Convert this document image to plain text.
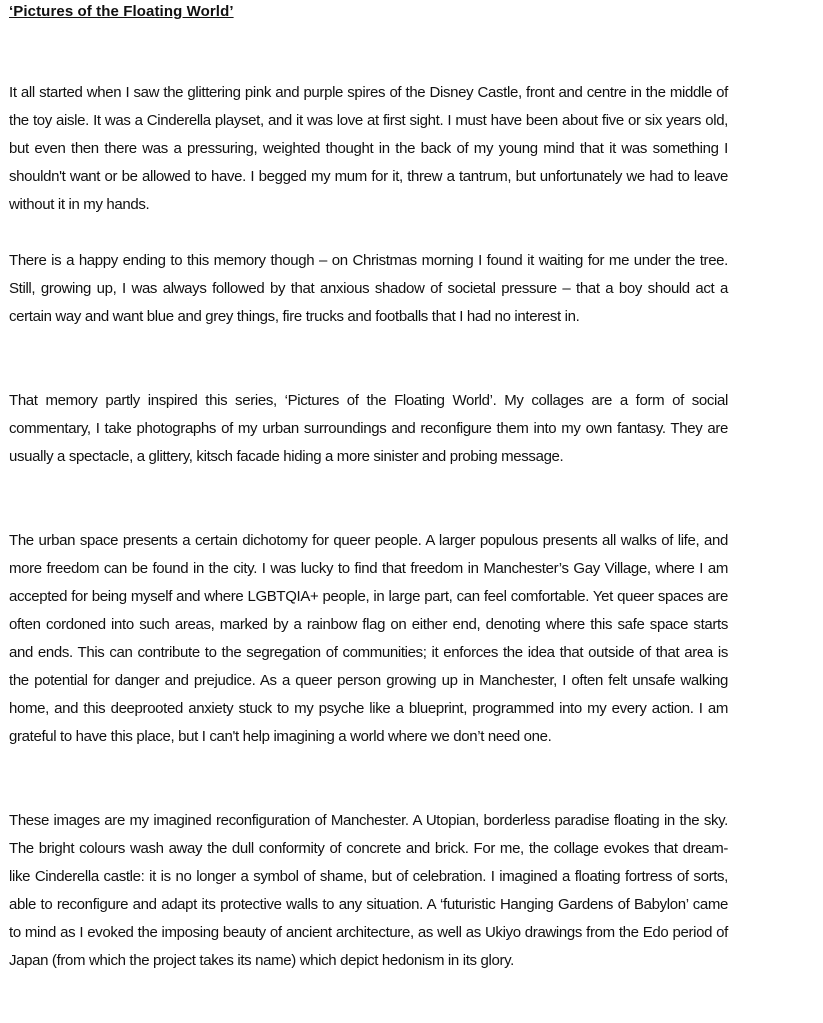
‘Pictures of the Floating World’

It all started when I saw the glittering pink and purple spires of the Disney Castle, front and centre in the middle of the toy aisle. It was a Cinderella playset, and it was love at first sight. I must have been about five or six years old, but even then there was a pressuring, weighted thought in the back of my young mind that it was something I shouldn't want or be allowed to have. I begged my mum for it, threw a tantrum, but unfortunately we had to leave without it in my hands.

There is a happy ending to this memory though – on Christmas morning I found it waiting for me under the tree. Still, growing up, I was always followed by that anxious shadow of societal pressure – that a boy should act a certain way and want blue and grey things, fire trucks and footballs that I had no interest in.

That memory partly inspired this series, ‘Pictures of the Floating World’. My collages are a form of social commentary, I take photographs of my urban surroundings and reconfigure them into my own fantasy. They are usually a spectacle, a glittery, kitsch facade hiding a more sinister and probing message.

The urban space presents a certain dichotomy for queer people. A larger populous presents all walks of life, and more freedom can be found in the city. I was lucky to find that freedom in Manchester’s Gay Village, where I am accepted for being myself and where LGBTQIA+ people, in large part, can feel comfortable. Yet queer spaces are often cordoned into such areas, marked by a rainbow flag on either end, denoting where this safe space starts and ends. This can contribute to the segregation of communities; it enforces the idea that outside of that area is the potential for danger and prejudice. As a queer person growing up in Manchester, I often felt unsafe walking home, and this deeprooted anxiety stuck to my psyche like a blueprint, programmed into my every action. I am grateful to have this place, but I can't help imagining a world where we don’t need one.

These images are my imagined reconfiguration of Manchester. A Utopian, borderless paradise floating in the sky. The bright colours wash away the dull conformity of concrete and brick. For me, the collage evokes that dream-like Cinderella castle: it is no longer a symbol of shame, but of celebration. I imagined a floating fortress of sorts, able to reconfigure and adapt its protective walls to any situation. A ‘futuristic Hanging Gardens of Babylon’ came to mind as I evoked the imposing beauty of ancient architecture, as well as Ukiyo drawings from the Edo period of Japan (from which the project takes its name) which depict hedonism in its glory.
